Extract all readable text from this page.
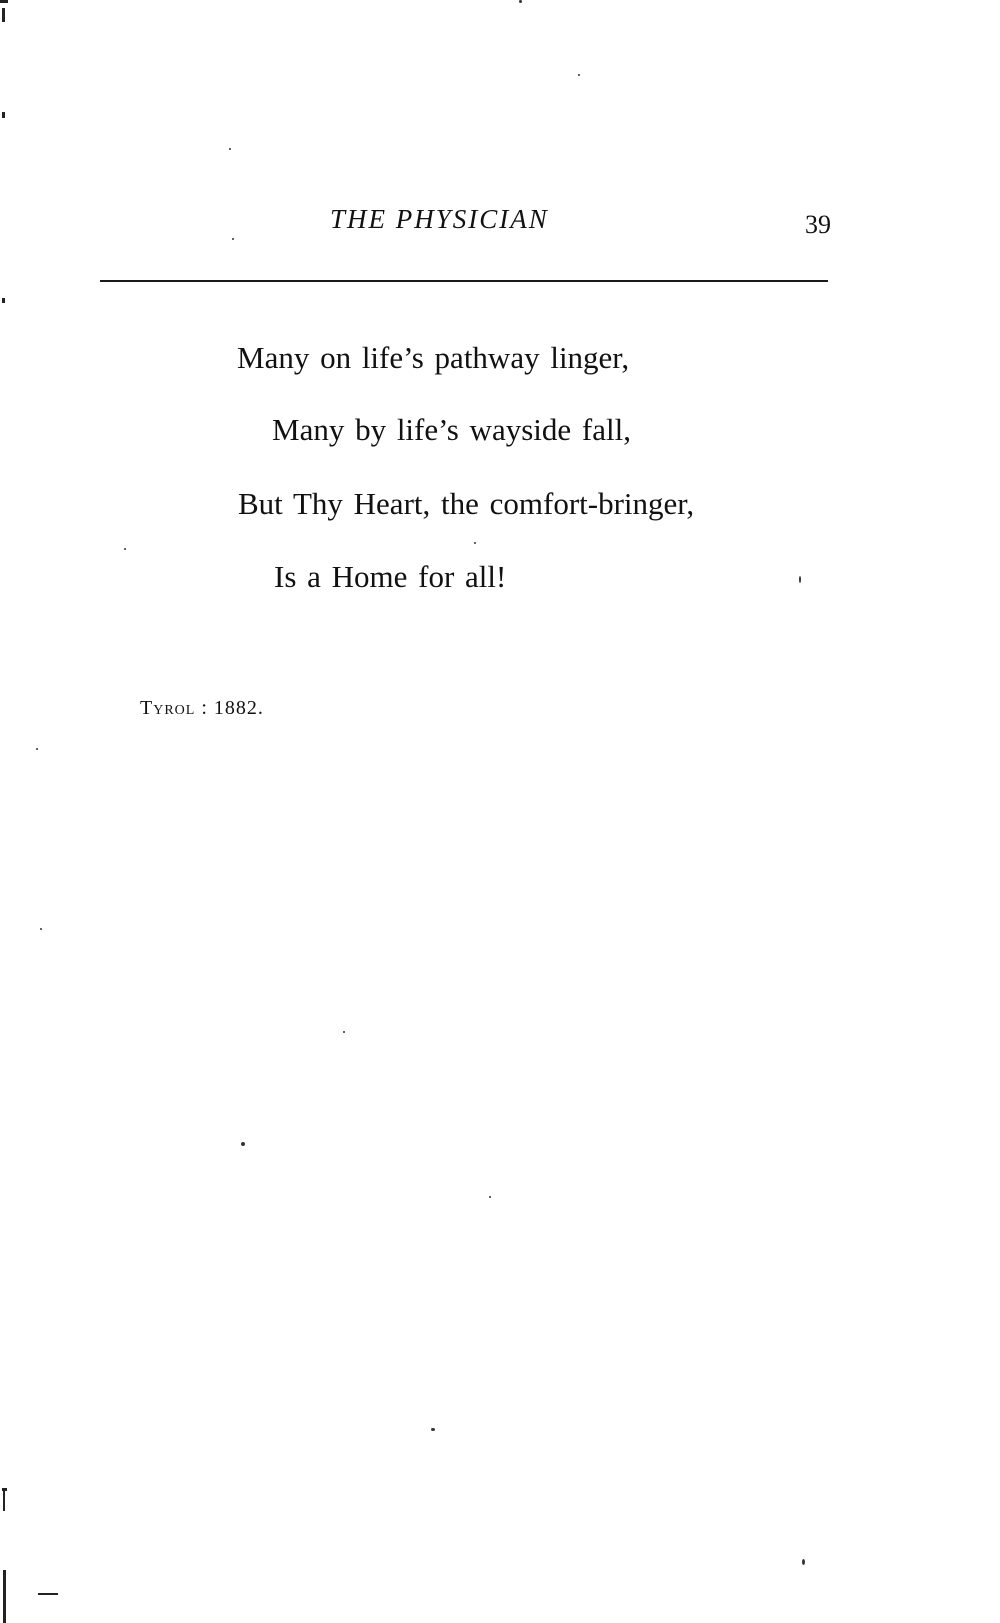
THE PHYSICIAN	39
Many on life’s pathway linger,
Many by life’s wayside fall,
But Thy Heart, the comfort-bringer,
Is a Home for all!
Tyrol : 1882.
